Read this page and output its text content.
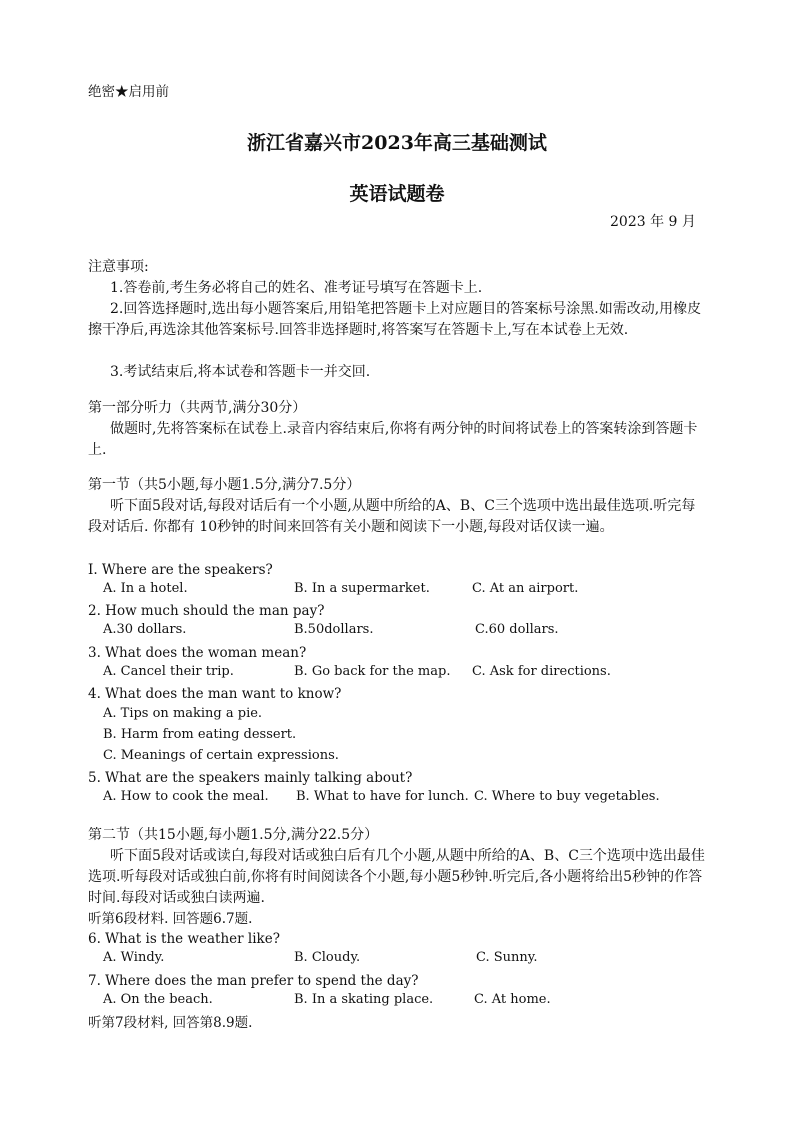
绝密★启用前
浙江省嘉兴市2023年高三基础测试
英语试题卷
2023 年 9 月
注意事项:
1.答卷前,考生务必将自己的姓名、准考证号填写在答题卡上.
2.回答选择题时,选出每小题答案后,用铅笔把答题卡上对应题目的答案标号涂黑.如需改动,用橡皮擦干净后,再选涂其他答案标号.回答非选择题时,将答案写在答题卡上,写在本试卷上无效.
3.考试结束后,将本试卷和答题卡一并交回.
第一部分听力（共两节,满分30分）
做题时,先将答案标在试卷上.录音内容结束后,你将有两分钟的时间将试卷上的答案转涂到答题卡上.
第一节（共5小题,每小题1.5分,满分7.5分）
听下面5段对话,每段对话后有一个小题,从题中所给的A、B、C三个选项中选出最佳选项.听完每段对话后. 你都有 10秒钟的时间来回答有关小题和阅读下一小题,每段对话仅读一遍。
I. Where are the speakers?
A. In a hotel.	B. In a supermarket.	C. At an airport.
2. How much should the man pay?
A.30 dollars.	B.50dollars.	C.60 dollars.
3. What does the woman mean?
A. Cancel their trip.	B. Go back for the map. C. Ask for directions.
4. What does the man want to know?
A. Tips on making a pie.
B. Harm from eating dessert.
C. Meanings of certain expressions.
5. What are the speakers mainly talking about?
A. How to cook the meal. B. What to have for lunch. C. Where to buy vegetables.
第二节（共15小题,每小题1.5分,满分22.5分）
听下面5段对话或读白,每段对话或独白后有几个小题,从题中所给的A、B、C三个选项中选出最佳选项.听每段对话或独白前,你将有时间阅读各个小题,每小题5秒钟.听完后,各小题将给出5秒钟的作答时间.每段对话或独白读两遍.
听第6段材料. 回答题6.7题.
6. What is the weather like?
A. Windy.	B. Cloudy.	C. Sunny.
7. Where does the man prefer to spend the day?
A. On the beach.	B. In a skating place.	C. At home.
听第7段材料, 回答第8.9题.
